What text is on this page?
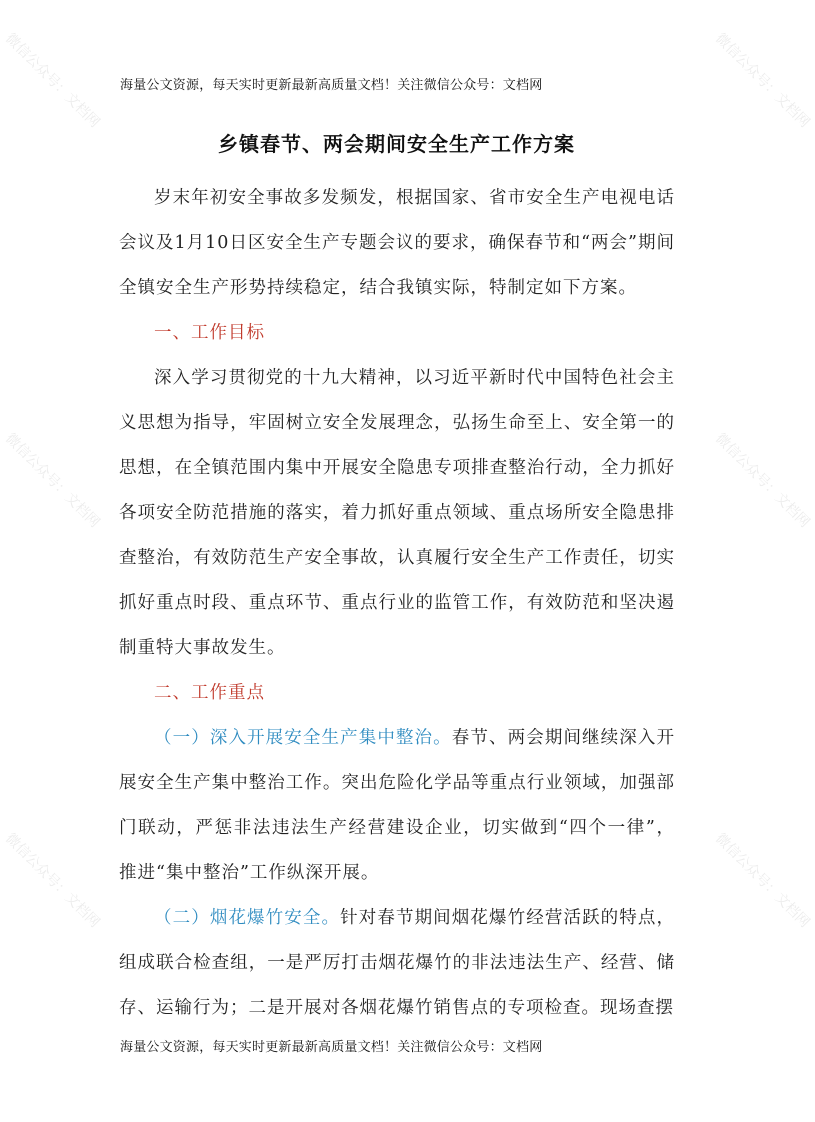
微信公众号：文档网	微信公众号：文档网
微信公众号：文档网	微信公众号：文档网
微信公众号：文档网	微信公众号：文档网
海量公文资源，每天实时更新最新高质量文档！关注微信公众号：文档网
乡镇春节、两会期间安全生产工作方案

岁末年初安全事故多发频发，根据国家、省市安全生产电视电话会议及1月10日区安全生产专题会议的要求，确保春节和“两会”期间全镇安全生产形势持续稳定，结合我镇实际，特制定如下方案。

一、工作目标

深入学习贯彻党的十九大精神，以习近平新时代中国特色社会主义思想为指导，牢固树立安全发展理念，弘扬生命至上、安全第一的思想，在全镇范围内集中开展安全隐患专项排查整治行动，全力抓好各项安全防范措施的落实，着力抓好重点领域、重点场所安全隐患排查整治，有效防范生产安全事故，认真履行安全生产工作责任，切实抓好重点时段、重点环节、重点行业的监管工作，有效防范和坚决遏制重特大事故发生。

二、工作重点

（一）深入开展安全生产集中整治。春节、两会期间继续深入开展安全生产集中整治工作。突出危险化学品等重点行业领域，加强部门联动，严惩非法违法生产经营建设企业，切实做到“四个一律”，推进“集中整治”工作纵深开展。

（二）烟花爆竹安全。针对春节期间烟花爆竹经营活跃的特点，组成联合检查组，一是严厉打击烟花爆竹的非法违法生产、经营、储存、运输行为；二是开展对各烟花爆竹销售点的专项检查。现场查摆

海量公文资源，每天实时更新最新高质量文档！关注微信公众号：文档网
